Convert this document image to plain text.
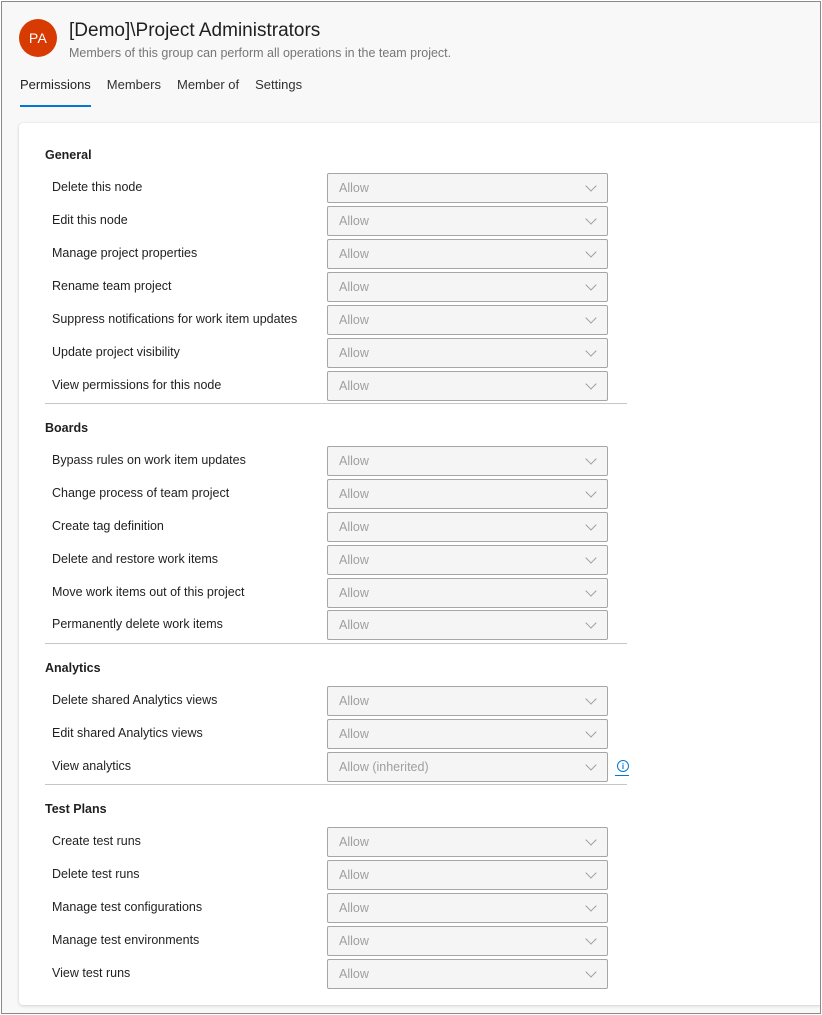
PA	[Demo]\Project Administrators
Members of this group can perform all operations in the team project.
Permissions Members Member of Settings
General
Delete this node	Allow
Edit this node	Allow
Manage project properties	Allow
Rename team project	Allow
Suppress notifications for work item updates	Allow
Update project visibility	Allow
View permissions for this node	Allow
Boards
Bypass rules on work item updates	Allow
Change process of team project	Allow
Create tag definition	Allow
Delete and restore work items	Allow
Move work items out of this project	Allow
Permanently delete work items	Allow
Analytics
Delete shared Analytics views	Allow
Edit shared Analytics views	Allow
View analytics	Allow (inherited)	i
Test Plans
Create test runs	Allow
Delete test runs	Allow
Manage test configurations	Allow
Manage test environments	Allow
View test runs	Allow
